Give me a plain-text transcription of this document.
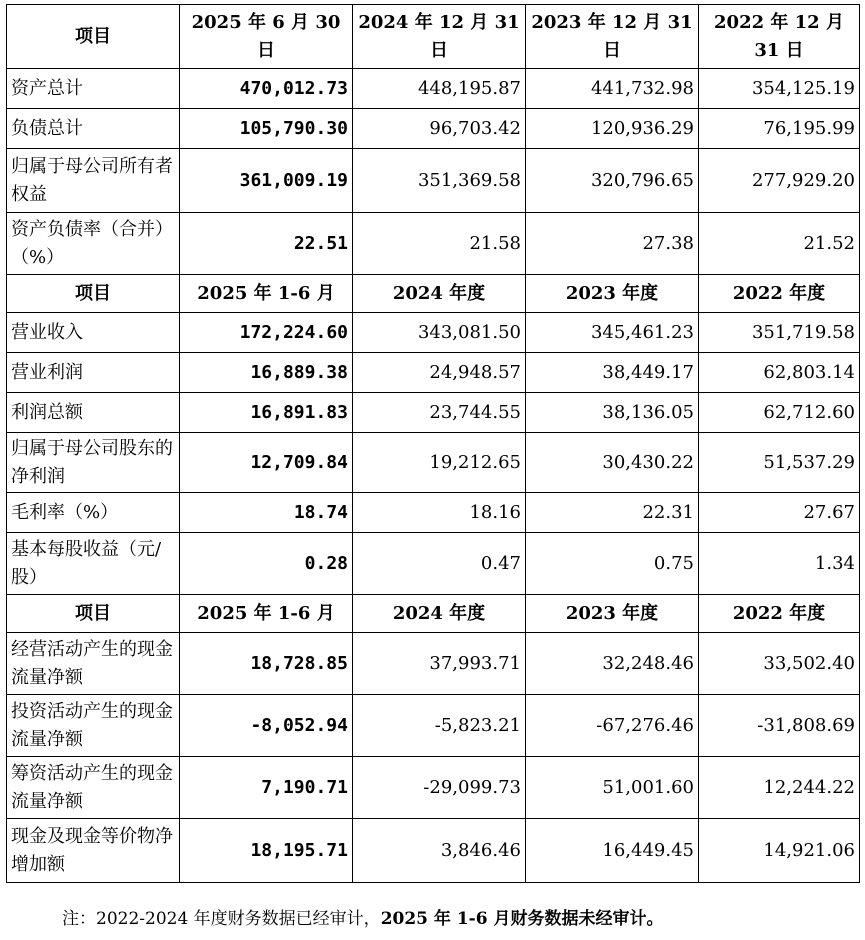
项目	2025 年 6 月 30 日	2024 年 12 月 31 日	2023 年 12 月 31 日	2022 年 12 月 31 日
资产总计	470,012.73	448,195.87	441,732.98	354,125.19
负债总计	105,790.30	96,703.42	120,936.29	76,195.99
归属于母公司所有者权益	361,009.19	351,369.58	320,796.65	277,929.20
资产负债率（合并）（%）	22.51	21.58	27.38	21.52
项目	2025 年 1-6 月	2024 年度	2023 年度	2022 年度
营业收入	172,224.60	343,081.50	345,461.23	351,719.58
营业利润	16,889.38	24,948.57	38,449.17	62,803.14
利润总额	16,891.83	23,744.55	38,136.05	62,712.60
归属于母公司股东的净利润	12,709.84	19,212.65	30,430.22	51,537.29
毛利率（%）	18.74	18.16	22.31	27.67
基本每股收益（元/股）	0.28	0.47	0.75	1.34
项目	2025 年 1-6 月	2024 年度	2023 年度	2022 年度
经营活动产生的现金流量净额	18,728.85	37,993.71	32,248.46	33,502.40
投资活动产生的现金流量净额	-8,052.94	-5,823.21	-67,276.46	-31,808.69
筹资活动产生的现金流量净额	7,190.71	-29,099.73	51,001.60	12,244.22
现金及现金等价物净增加额	18,195.71	3,846.46	16,449.45	14,921.06
注：2022-2024 年度财务数据已经审计，2025 年 1-6 月财务数据未经审计。
